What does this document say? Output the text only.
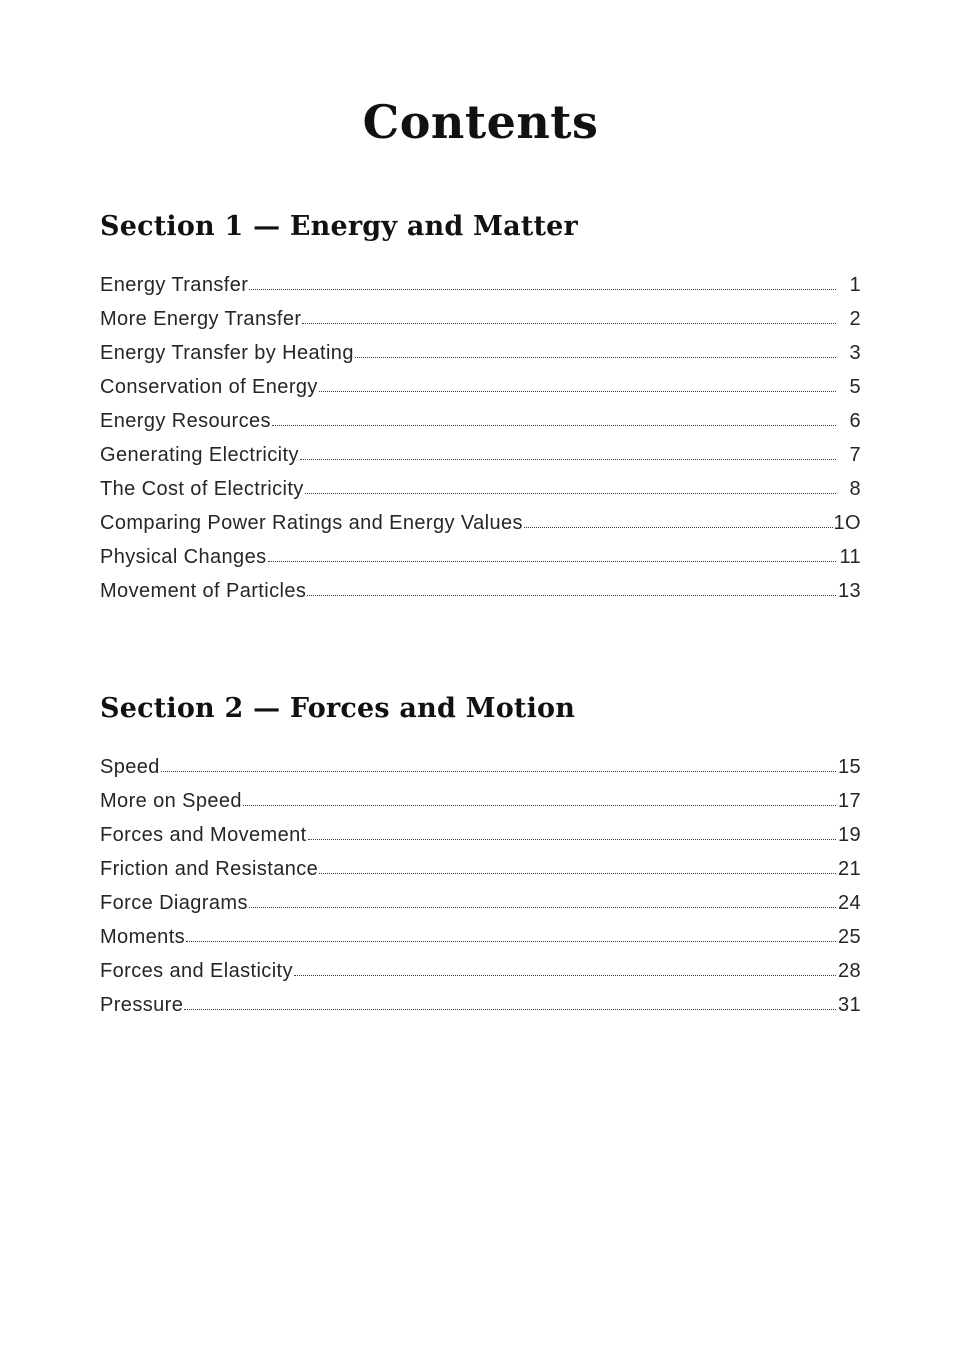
Contents
Section 1 — Energy and Matter
Energy Transfer	1
More Energy Transfer	2
Energy Transfer by Heating	3
Conservation of Energy	5
Energy Resources	6
Generating Electricity	7
The Cost of Electricity	8
Comparing Power Ratings and Energy Values	1O
Physical Changes	11
Movement of Particles	13
Section 2 — Forces and Motion
Speed	15
More on Speed	17
Forces and Movement	19
Friction and Resistance	21
Force Diagrams	24
Moments	25
Forces and Elasticity	28
Pressure	31
